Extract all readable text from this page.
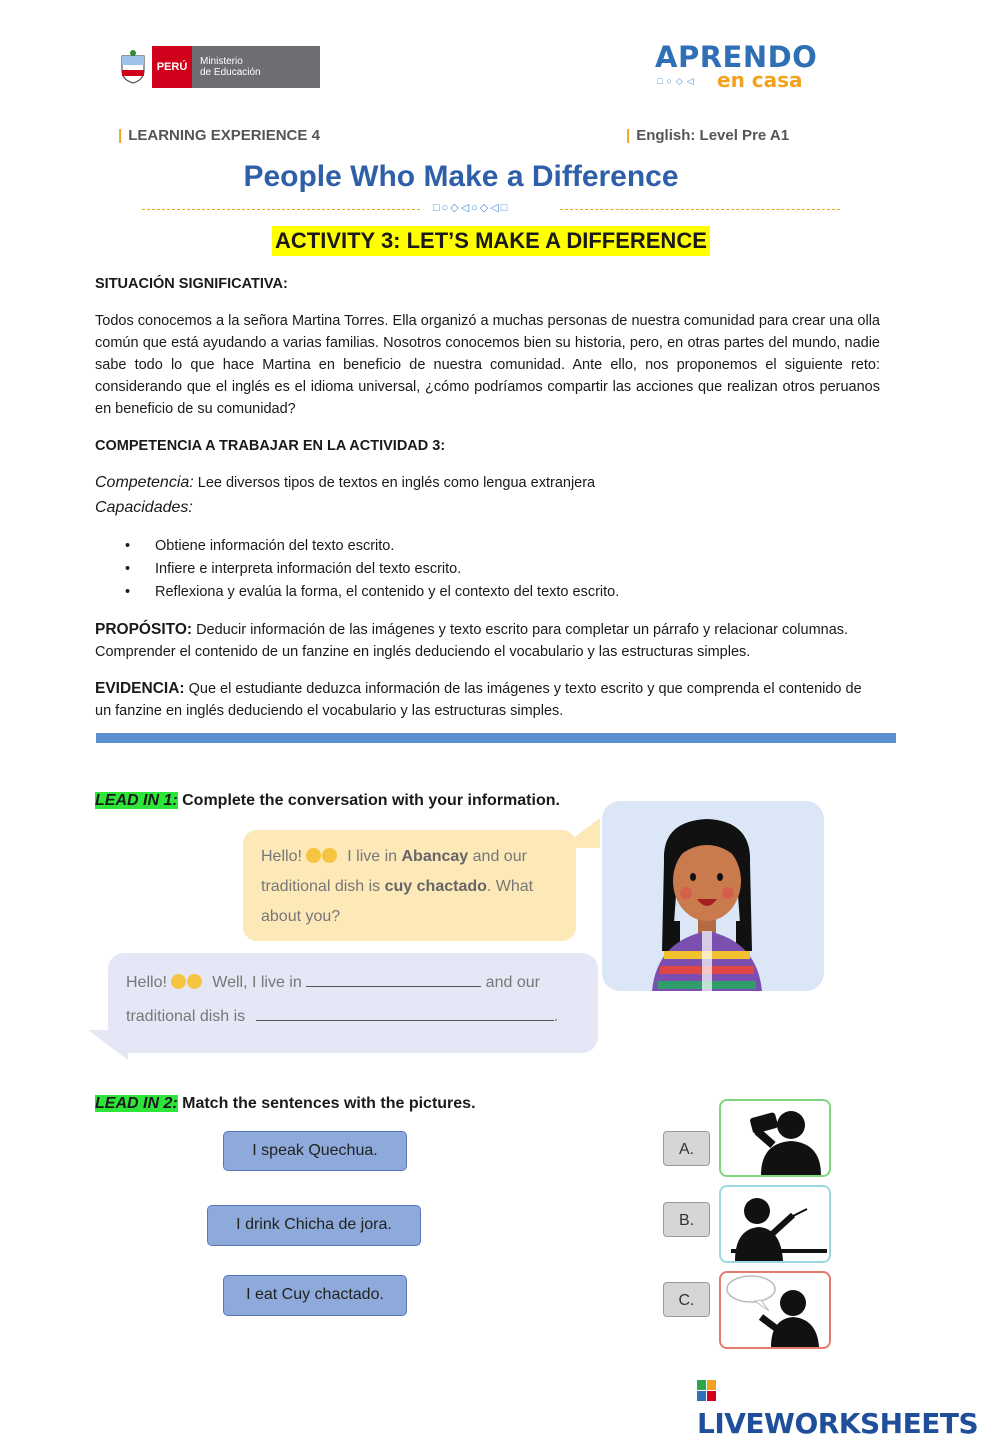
PERÚ	Ministerio
de Educación	APRENDO
□○◇◁ en casa
| LEARNING EXPERIENCE 4	| English: Level Pre A1
People Who Make a Difference
□○◇◁○◇◁□
ACTIVITY 3: LET’S MAKE A DIFFERENCE
SITUACIÓN SIGNIFICATIVA:
Todos conocemos a la señora Martina Torres. Ella organizó a muchas personas de nuestra comunidad para crear una olla común que está ayudando a varias familias. Nosotros conocemos bien su historia, pero, en otras partes del mundo, nadie sabe todo lo que hace Martina en beneficio de nuestra comunidad. Ante ello, nos proponemos el siguiente reto: considerando que el inglés es el idioma universal, ¿cómo podríamos compartir las acciones que realizan otros peruanos en beneficio de su comunidad?
COMPETENCIA A TRABAJAR EN LA ACTIVIDAD 3:
Competencia: Lee diversos tipos de textos en inglés como lengua extranjera
Capacidades:
• Obtiene información del texto escrito.
• Infiere e interpreta información del texto escrito.
• Reflexiona y evalúa la forma, el contenido y el contexto del texto escrito.
PROPÓSITO: Deducir información de las imágenes y texto escrito para completar un párrafo y relacionar columnas. Comprender el contenido de un fanzine en inglés deduciendo el vocabulario y las estructuras simples.
EVIDENCIA: Que el estudiante deduzca información de las imágenes y texto escrito y que comprenda el contenido de un fanzine en inglés deduciendo el vocabulario y las estructuras simples.
LEAD IN 1: Complete the conversation with your information.
Hello!	I live in Abancay and our traditional dish is cuy chactado. What about you?
Hello!	Well, I live in	and our
traditional dish is	.
LEAD IN 2: Match the sentences with the pictures.
I speak Quechua.
I drink Chicha de jora.
I eat Cuy chactado.
A.
B.
C.
LIVEWORKSHEETS
